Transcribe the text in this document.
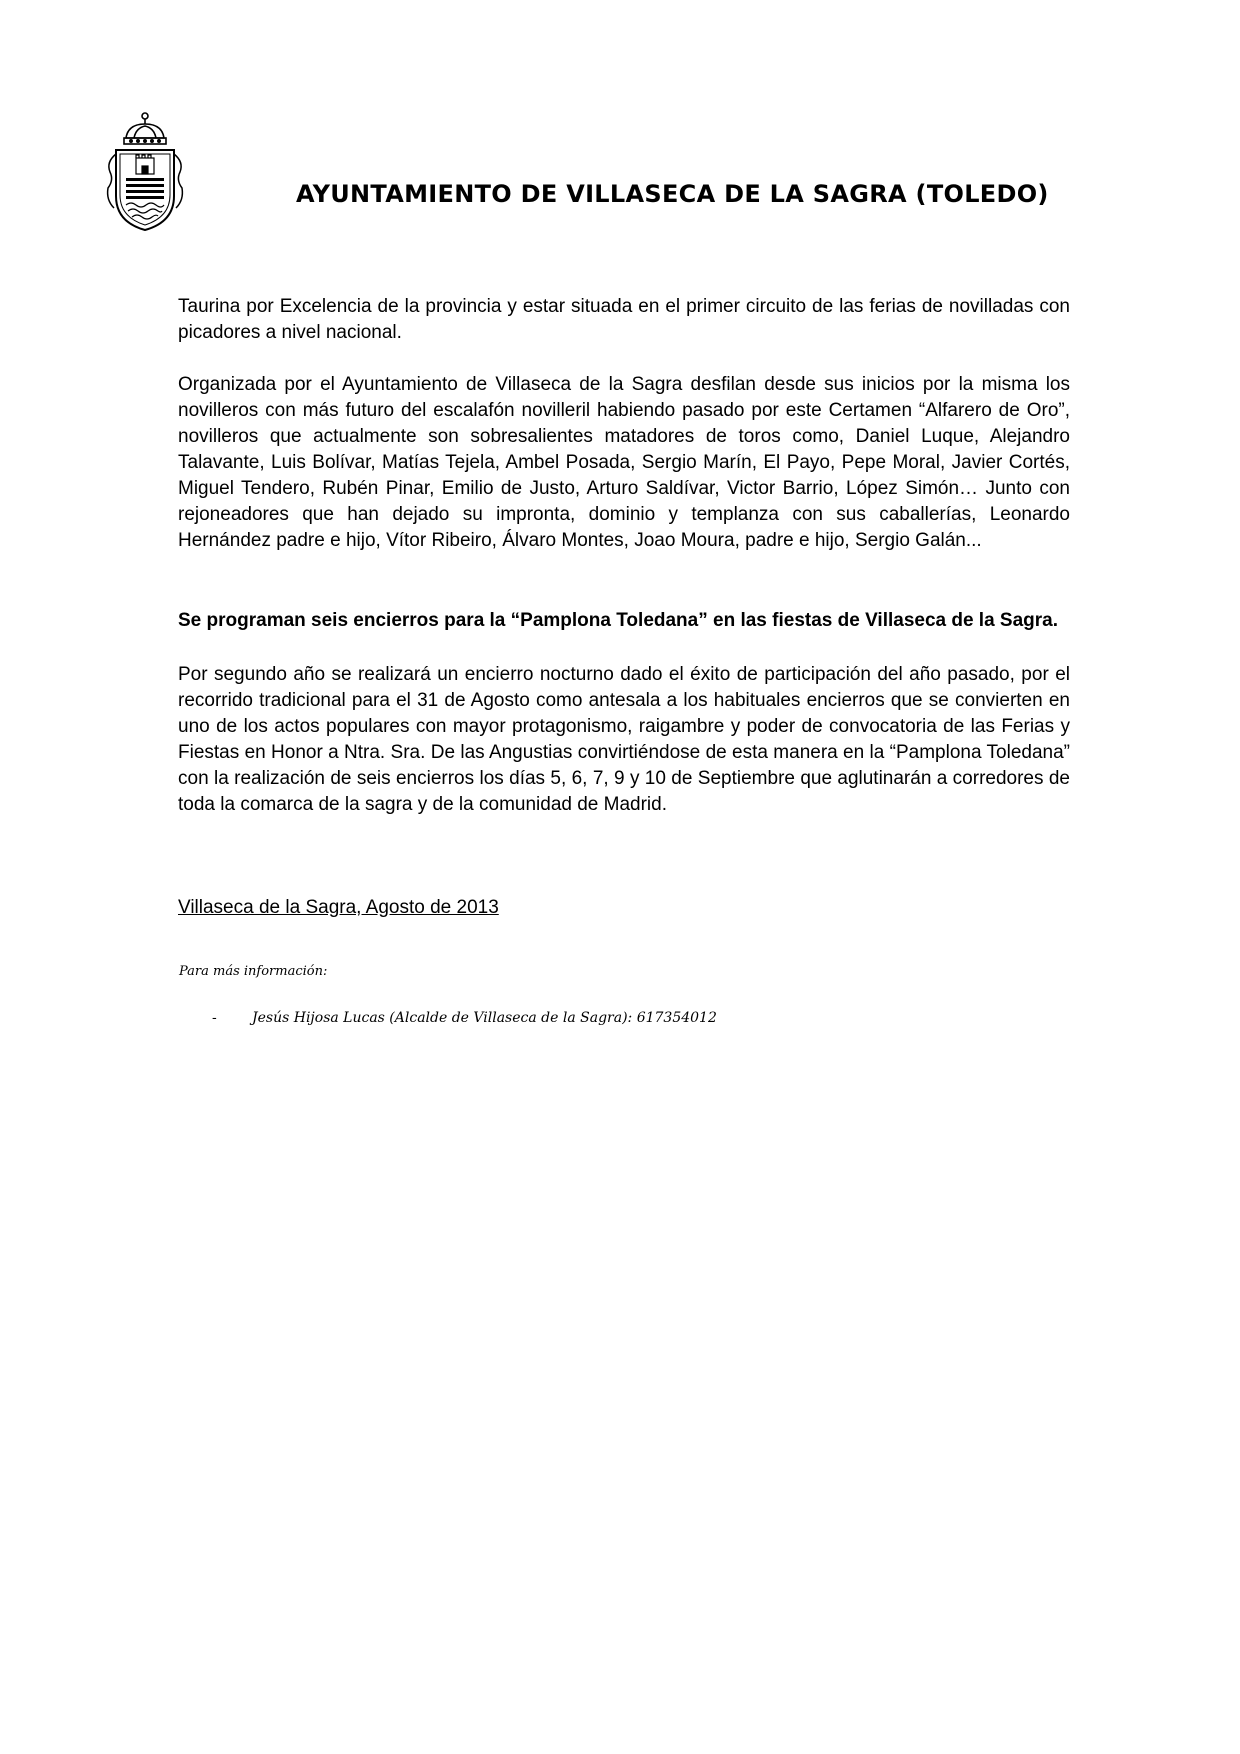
AYUNTAMIENTO DE VILLASECA DE LA SAGRA (TOLEDO)

Taurina por Excelencia de la provincia y estar situada en el primer circuito de las ferias de novilladas con picadores a nivel nacional.

Organizada por el Ayuntamiento de Villaseca de la Sagra desfilan desde sus inicios por la misma los novilleros con más futuro del escalafón novilleril habiendo pasado por este Certamen “Alfarero de Oro”, novilleros que actualmente son sobresalientes matadores de toros como, Daniel Luque, Alejandro Talavante, Luis Bolívar, Matías Tejela, Ambel Posada, Sergio Marín, El Payo, Pepe Moral, Javier Cortés, Miguel Tendero, Rubén Pinar, Emilio de Justo, Arturo Saldívar, Victor Barrio, López Simón… Junto con rejoneadores que han dejado su impronta, dominio y templanza con sus caballerías, Leonardo Hernández padre e hijo, Vítor Ribeiro, Álvaro Montes, Joao Moura, padre e hijo, Sergio Galán...

Se programan seis encierros para la “Pamplona Toledana” en las fiestas de Villaseca de la Sagra.

Por segundo año se realizará un encierro nocturno dado el éxito de participación del año pasado, por el recorrido tradicional para el 31 de Agosto como antesala a los habituales encierros que se convierten en uno de los actos populares con mayor protagonismo, raigambre y poder de convocatoria de las Ferias y Fiestas en Honor a Ntra. Sra. De las Angustias convirtiéndose de esta manera en la “Pamplona Toledana” con la realización de seis encierros los días 5, 6, 7, 9 y 10 de Septiembre que aglutinarán a corredores de toda la comarca de la sagra y de la comunidad de Madrid.

Villaseca de la Sagra, Agosto de 2013
Para más información:
-	Jesús Hijosa Lucas (Alcalde de Villaseca de la Sagra): 617354012
